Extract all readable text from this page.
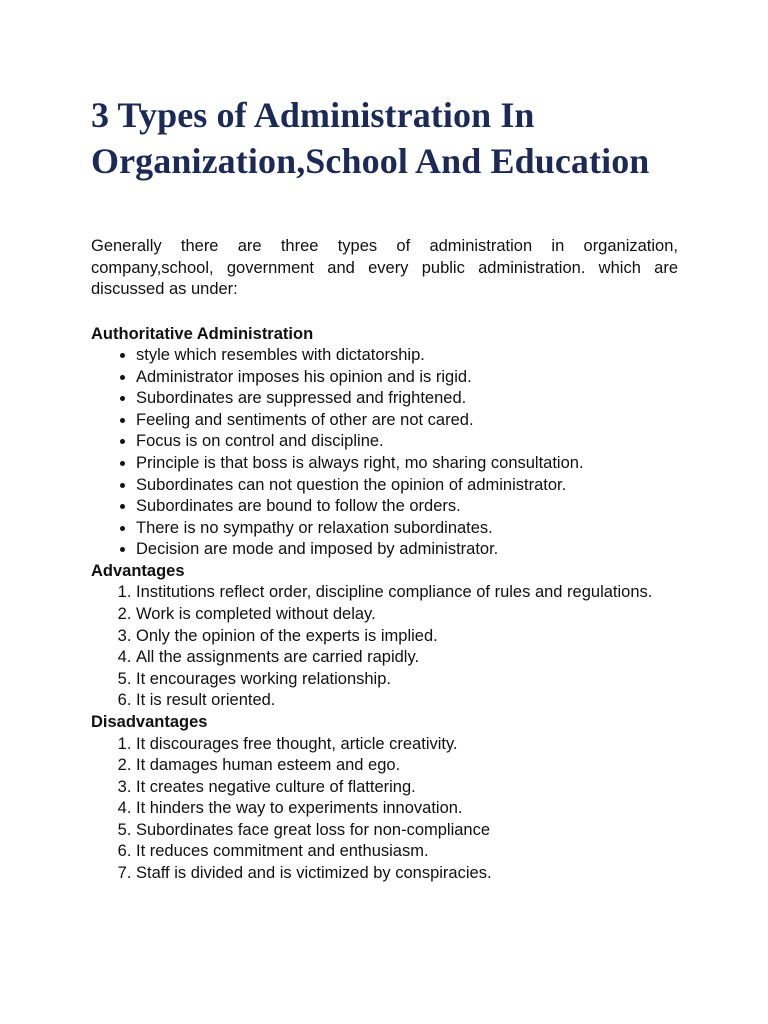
3 Types of Administration In
Organization,School And Education

Generally there are three types of administration in organization, company,school, government and every public administration. which are discussed as under:

Authoritative Administration
• style which resembles with dictatorship.
• Administrator imposes his opinion and is rigid.
• Subordinates are suppressed and frightened.
• Feeling and sentiments of other are not cared.
• Focus is on control and discipline.
• Principle is that boss is always right, mo sharing consultation.
• Subordinates can not question the opinion of administrator.
• Subordinates are bound to follow the orders.
• There is no sympathy or relaxation subordinates.
• Decision are mode and imposed by administrator.
Advantages
1. Institutions reflect order, discipline compliance of rules and regulations.
2. Work is completed without delay.
3. Only the opinion of the experts is implied.
4. All the assignments are carried rapidly.
5. It encourages working relationship.
6. It is result oriented.
Disadvantages
1. It discourages free thought, article creativity.
2. It damages human esteem and ego.
3. It creates negative culture of flattering.
4. It hinders the way to experiments innovation.
5. Subordinates face great loss for non-compliance
6. It reduces commitment and enthusiasm.
7. Staff is divided and is victimized by conspiracies.
